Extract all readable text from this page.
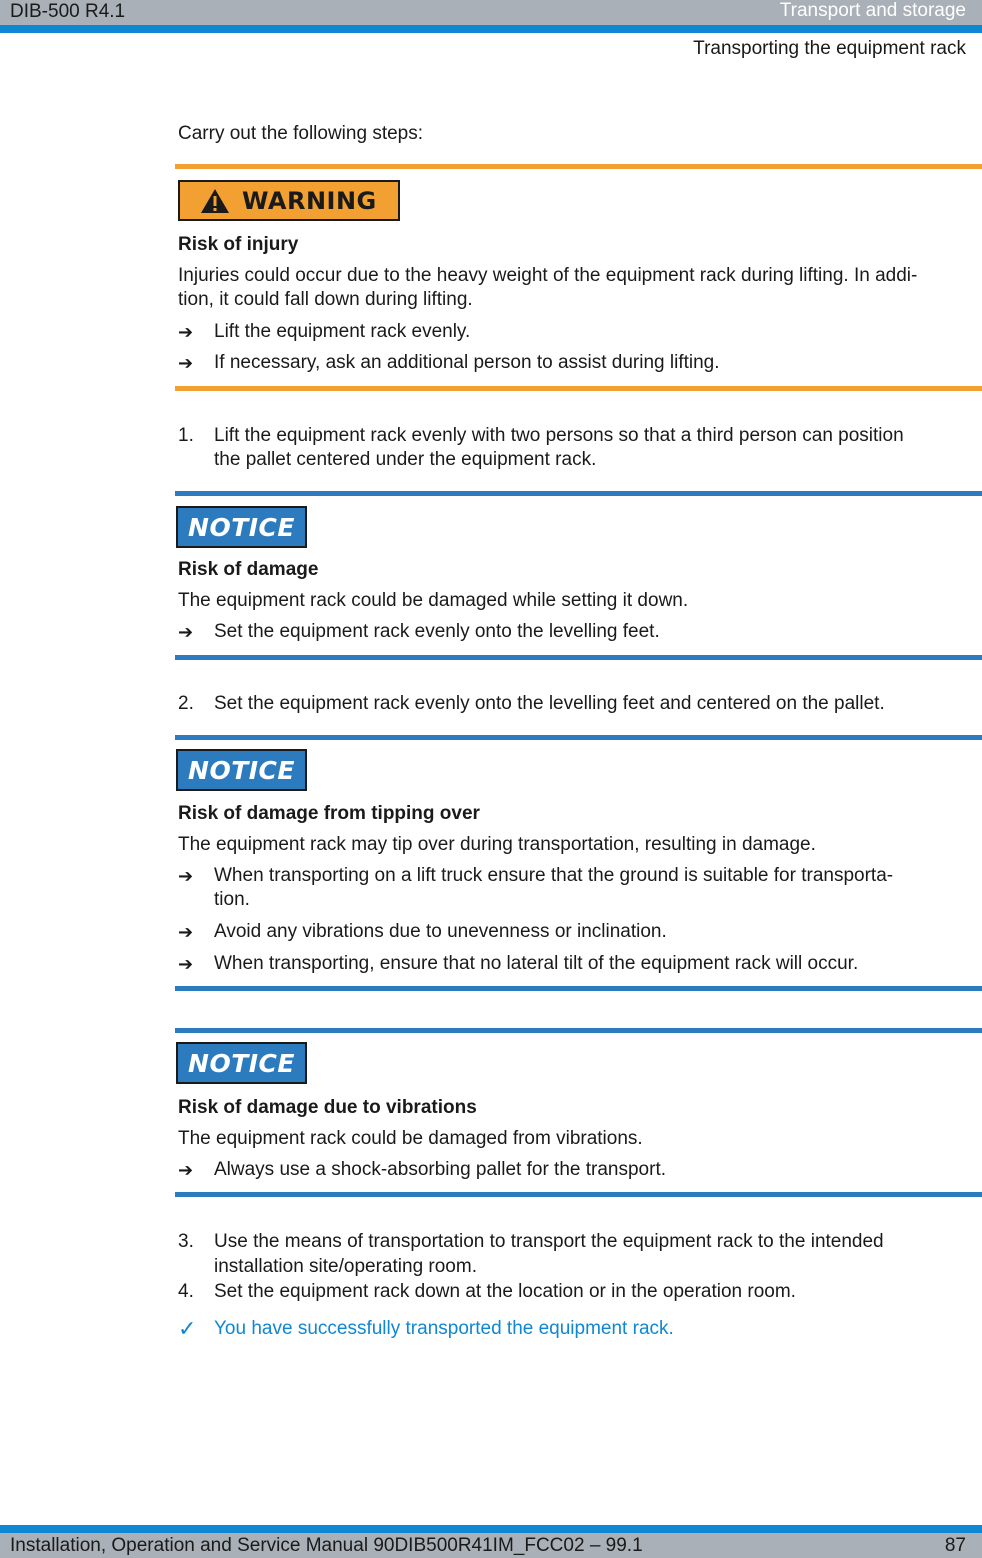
DIB-500 R4.1	Transport and storage
Transporting the equipment rack
Carry out the following steps:
WARNING
Risk of injury
Injuries could occur due to the heavy weight of the equipment rack during lifting. In addi-
tion, it could fall down during lifting.
➔ Lift the equipment rack evenly.
➔ If necessary, ask an additional person to assist during lifting.
1. Lift the equipment rack evenly with two persons so that a third person can position
the pallet centered under the equipment rack.
NOTICE
Risk of damage
The equipment rack could be damaged while setting it down.
➔ Set the equipment rack evenly onto the levelling feet.
2. Set the equipment rack evenly onto the levelling feet and centered on the pallet.
NOTICE
Risk of damage from tipping over
The equipment rack may tip over during transportation, resulting in damage.
➔ When transporting on a lift truck ensure that the ground is suitable for transporta-
tion.
➔ Avoid any vibrations due to unevenness or inclination.
➔ When transporting, ensure that no lateral tilt of the equipment rack will occur.
NOTICE
Risk of damage due to vibrations
The equipment rack could be damaged from vibrations.
➔ Always use a shock-absorbing pallet for the transport.
3. Use the means of transportation to transport the equipment rack to the intended
installation site/operating room.
4. Set the equipment rack down at the location or in the operation room.
✓ You have successfully transported the equipment rack.
Installation, Operation and Service Manual 90DIB500R41IM_FCC02 – 99.1	87
